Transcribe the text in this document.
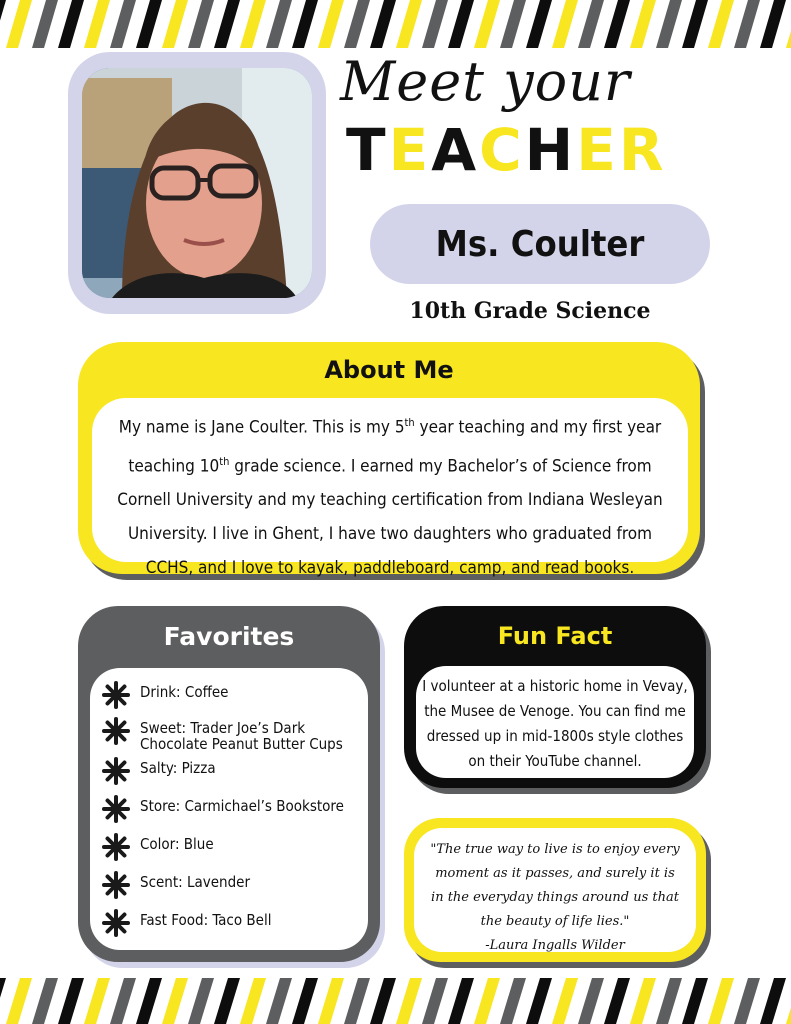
Meet your
TEACHER
Ms. Coulter
10th Grade Science
About Me
My name is Jane Coulter. This is my 5th year teaching and my first year
teaching 10th grade science. I earned my Bachelor’s of Science from
Cornell University and my teaching certification from Indiana Wesleyan
University. I live in Ghent, I have two daughters who graduated from
CCHS, and I love to kayak, paddleboard, camp, and read books.
Favorites
Drink: Coffee
Sweet: Trader Joe’s Dark Chocolate Peanut Butter Cups
Salty: Pizza
Store: Carmichael’s Bookstore
Color: Blue
Scent: Lavender
Fast Food: Taco Bell
Fun Fact
I volunteer at a historic home in Vevay,
the Musee de Venoge. You can find me
dressed up in mid-1800s style clothes
on their YouTube channel.
"The true way to live is to enjoy every
moment as it passes, and surely it is
in the everyday things around us that
the beauty of life lies."
-Laura Ingalls Wilder
